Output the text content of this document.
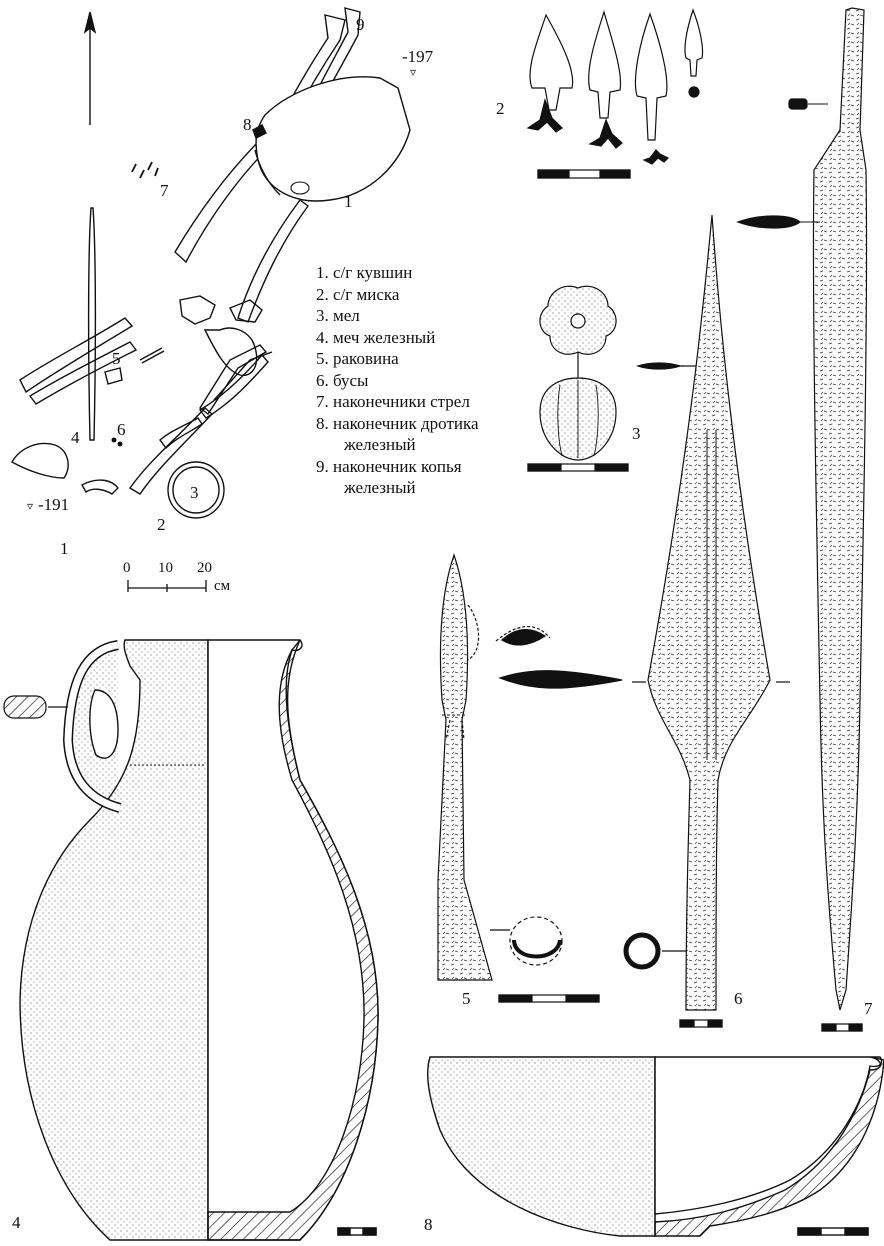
9
-197
▿
8
7
1
5
6
4
3
▿ -191
2
1
2
3
4
5	6
7
8
0 10 20
см
1. с/г кувшин
2. с/г миска
3. мел
4. меч железный
5. раковина
6. бусы
7. наконечники стрел
8. наконечник дротика
железный
9. наконечник копья
железный
